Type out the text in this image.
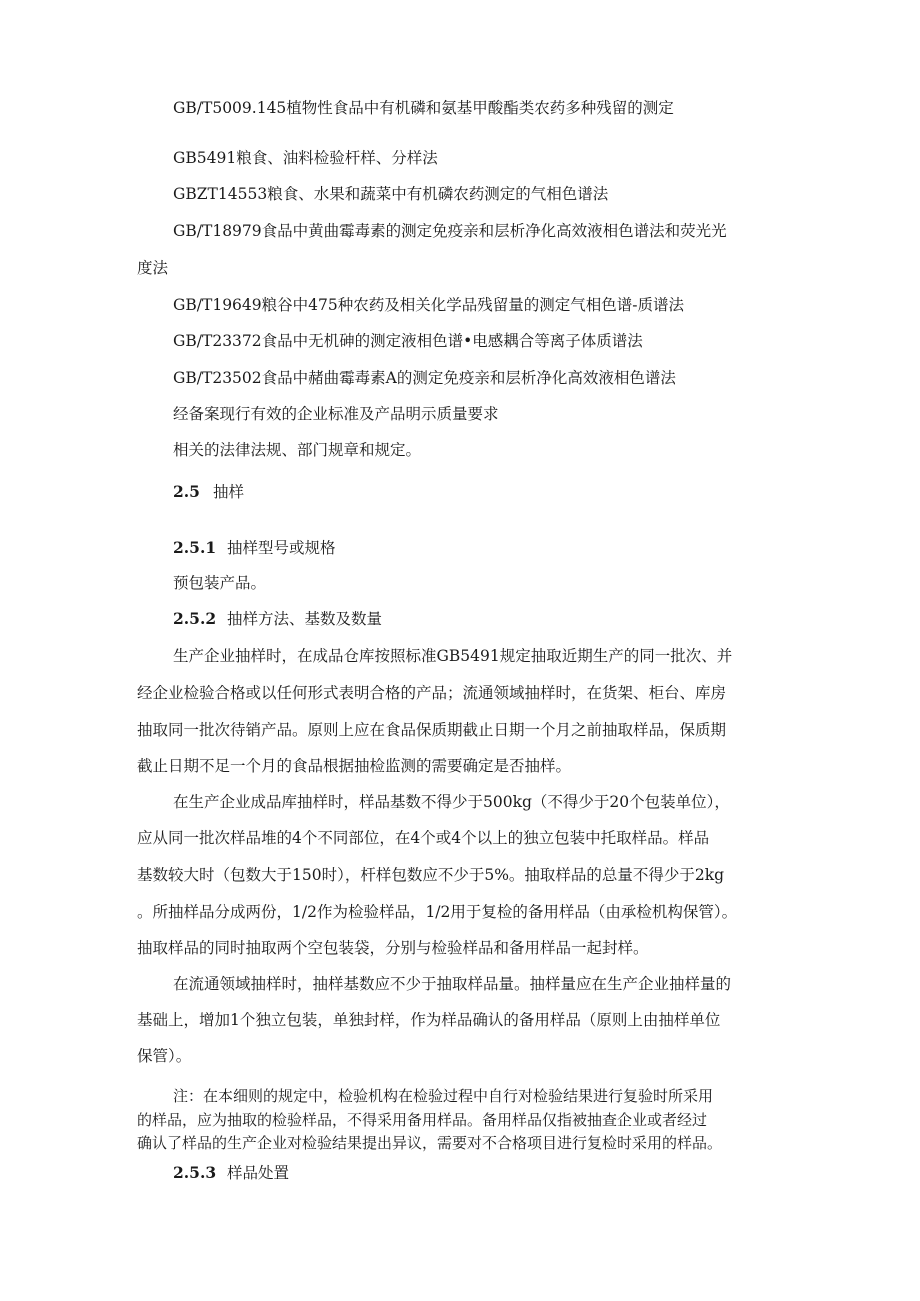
GB/T5009.145植物性食品中有机磷和氨基甲酸酯类农药多种残留的测定
GB5491粮食、油料检验杆样、分样法
GBZT14553粮食、水果和蔬菜中有机磷农药测定的气相色谱法
GB/T18979食品中黄曲霉毒素的测定免疫亲和层析净化高效液相色谱法和荧光光
度法
GB/T19649粮谷中475种农药及相关化学品残留量的测定气相色谱-质谱法
GB/T23372食品中无机砷的测定液相色谱•电感耦合等离子体质谱法
GB/T23502食品中赭曲霉毒素A的测定免疫亲和层析净化高效液相色谱法
经备案现行有效的企业标准及产品明示质量要求
相关的法律法规、部门规章和规定。
2.5 抽样
2.5.1 抽样型号或规格
预包装产品。
2.5.2 抽样方法、基数及数量
生产企业抽样时，在成品仓库按照标准GB5491规定抽取近期生产的同一批次、并
经企业检验合格或以任何形式表明合格的产品；流通领域抽样时，在货架、柜台、库房
抽取同一批次待销产品。原则上应在食品保质期截止日期一个月之前抽取样品，保质期
截止日期不足一个月的食品根据抽检监测的需要确定是否抽样。
在生产企业成品库抽样时，样品基数不得少于500kg（不得少于20个包装单位），
应从同一批次样品堆的4个不同部位，在4个或4个以上的独立包装中托取样品。样品
基数较大时（包数大于150时），杆样包数应不少于5%。抽取样品的总量不得少于2kg
。所抽样品分成两份，1/2作为检验样品，1/2用于复检的备用样品（由承检机构保管）。
抽取样品的同时抽取两个空包装袋，分别与检验样品和备用样品一起封样。
在流通领域抽样时，抽样基数应不少于抽取样品量。抽样量应在生产企业抽样量的
基础上，增加1个独立包装，单独封样，作为样品确认的备用样品（原则上由抽样单位
保管）。
注：在本细则的规定中，检验机构在检验过程中自行对检验结果进行复验时所采用
的样品，应为抽取的检验样品，不得采用备用样品。备用样品仅指被抽查企业或者经过
确认了样品的生产企业对检验结果提出异议，需要对不合格项目进行复检时采用的样品。
2.5.3 样品处置
